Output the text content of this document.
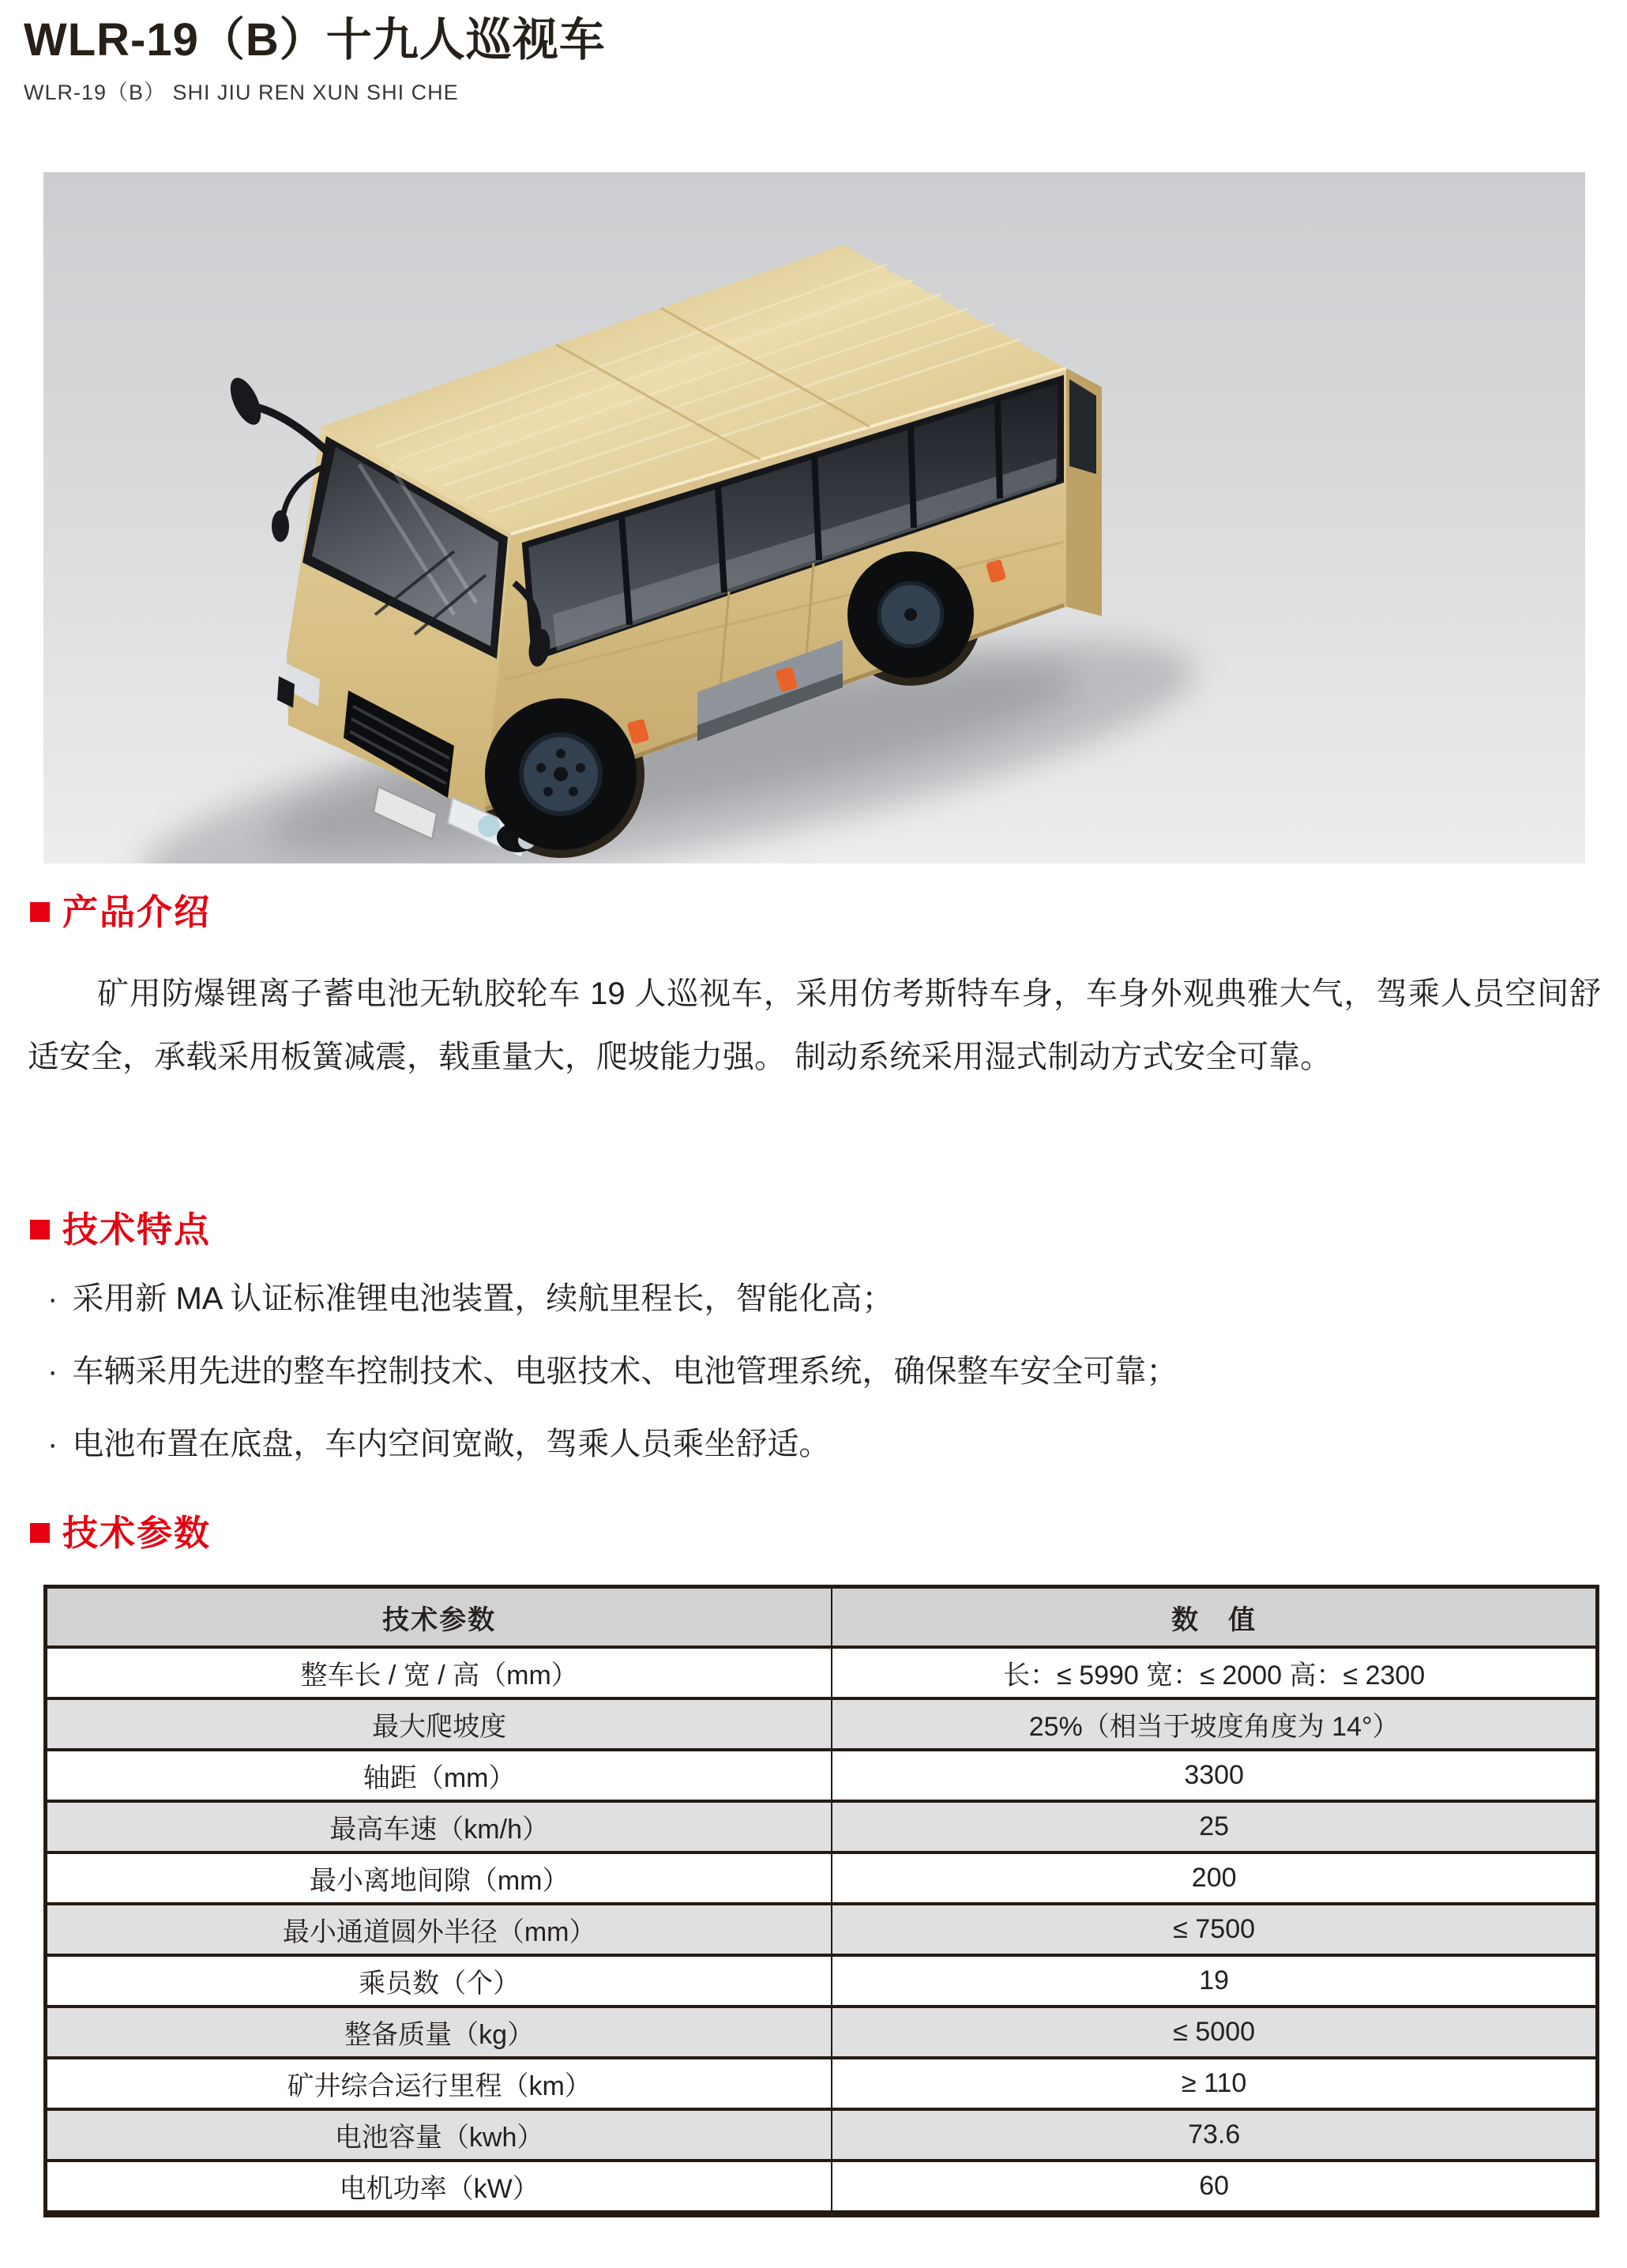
WLR-19（B）十九人巡视车
WLR-19（B） SHI JIU REN XUN SHI CHE
产品介绍
矿用防爆锂离子蓄电池无轨胶轮车 19 人巡视车，采用仿考斯特车身，车身外观典雅大气，驾乘人员空间舒适安全，承载采用板簧减震，载重量大，爬坡能力强。 制动系统采用湿式制动方式安全可靠。
技术特点
· 采用新 MA 认证标准锂电池装置，续航里程长，智能化高；
· 车辆采用先进的整车控制技术、电驱技术、电池管理系统，确保整车安全可靠；
· 电池布置在底盘，车内空间宽敞，驾乘人员乘坐舒适。
技术参数
技术参数	数　值
整车长 / 宽 / 高（mm）	长：≤ 5990 宽：≤ 2000 高：≤ 2300
最大爬坡度	25%（相当于坡度角度为 14°）
轴距（mm）	3300
最高车速（km/h）	25
最小离地间隙（mm）	200
最小通道圆外半径（mm）	≤ 7500
乘员数（个）	19
整备质量（kg）	≤ 5000
矿井综合运行里程（km）	≥ 110
电池容量（kwh）	73.6
电机功率（kW）	60
